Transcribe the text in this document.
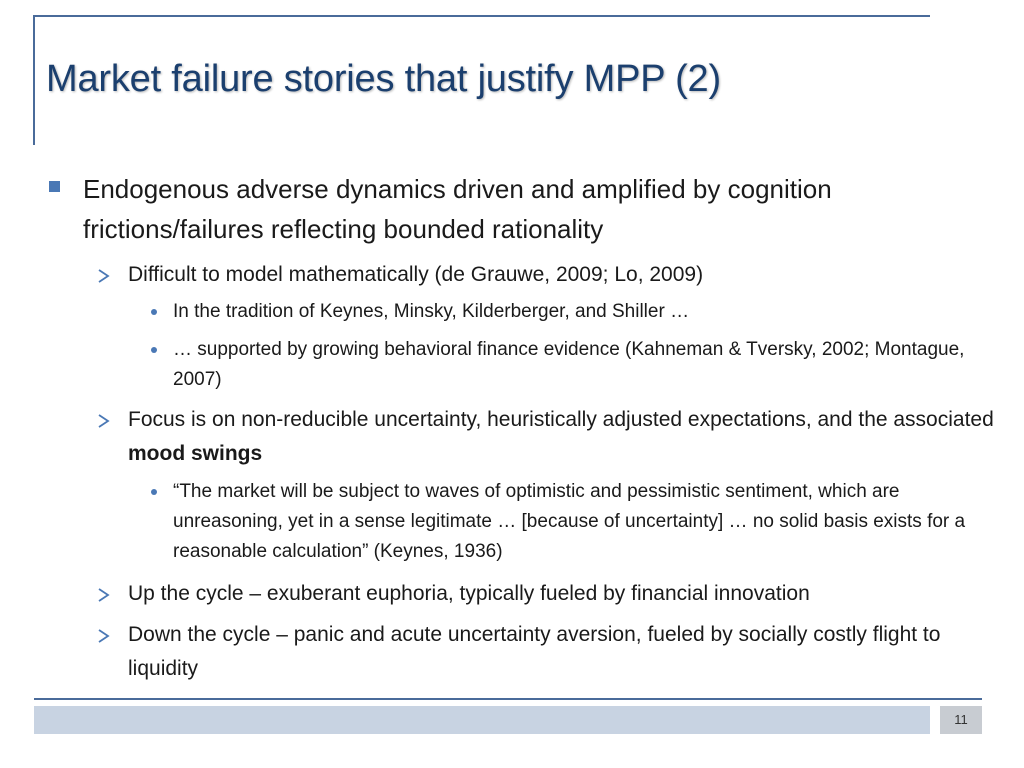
Market failure stories that justify MPP (2)
Endogenous adverse dynamics driven and amplified by cognition frictions/failures reflecting bounded rationality
Difficult to model mathematically (de Grauwe, 2009; Lo, 2009)
In the tradition of Keynes, Minsky, Kilderberger, and Shiller …
… supported by growing behavioral finance evidence (Kahneman & Tversky, 2002; Montague, 2007)
Focus is on non-reducible uncertainty, heuristically adjusted expectations, and the associated mood swings
“The market will be subject to waves of optimistic and pessimistic sentiment, which are unreasoning, yet in a sense legitimate … [because of uncertainty] … no solid basis exists for a reasonable calculation” (Keynes, 1936)
Up the cycle – exuberant euphoria, typically fueled by financial innovation
Down the cycle – panic and acute uncertainty aversion, fueled by socially costly flight to liquidity
11
